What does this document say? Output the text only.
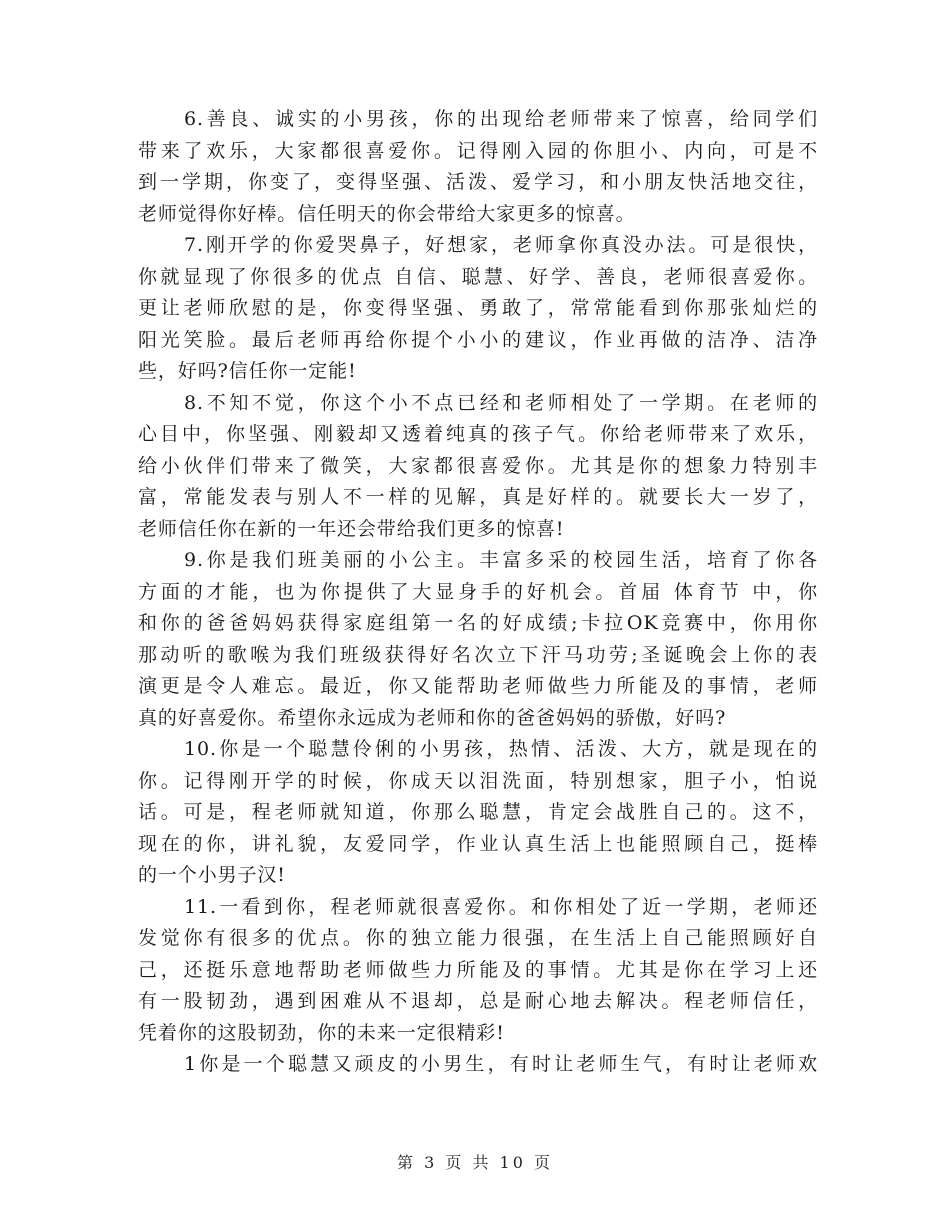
6.善良、诚实的小男孩，你的出现给老师带来了惊喜，给同学们
带来了欢乐，大家都很喜爱你。记得刚入园的你胆小、内向，可是不
到一学期，你变了，变得坚强、活泼、爱学习，和小朋友快活地交往，
老师觉得你好棒。信任明天的你会带给大家更多的惊喜。
7.刚开学的你爱哭鼻子，好想家，老师拿你真没办法。可是很快，
你就显现了你很多的优点 自信、聪慧、好学、善良，老师很喜爱你。
更让老师欣慰的是，你变得坚强、勇敢了，常常能看到你那张灿烂的
阳光笑脸。最后老师再给你提个小小的建议，作业再做的洁净、洁净
些，好吗?信任你一定能!
8.不知不觉，你这个小不点已经和老师相处了一学期。在老师的
心目中，你坚强、刚毅却又透着纯真的孩子气。你给老师带来了欢乐，
给小伙伴们带来了微笑，大家都很喜爱你。尤其是你的想象力特别丰
富，常能发表与别人不一样的见解，真是好样的。就要长大一岁了，
老师信任你在新的一年还会带给我们更多的惊喜!
9.你是我们班美丽的小公主。丰富多采的校园生活，培育了你各
方面的才能，也为你提供了大显身手的好机会。首届 体育节 中，你
和你的爸爸妈妈获得家庭组第一名的好成绩;卡拉OK竞赛中，你用你
那动听的歌喉为我们班级获得好名次立下汗马功劳;圣诞晚会上你的表
演更是令人难忘。最近，你又能帮助老师做些力所能及的事情，老师
真的好喜爱你。希望你永远成为老师和你的爸爸妈妈的骄傲，好吗?
10.你是一个聪慧伶俐的小男孩，热情、活泼、大方，就是现在的
你。记得刚开学的时候，你成天以泪洗面，特别想家，胆子小，怕说
话。可是，程老师就知道，你那么聪慧，肯定会战胜自己的。这不，
现在的你，讲礼貌，友爱同学，作业认真生活上也能照顾自己，挺棒
的一个小男子汉!
11.一看到你，程老师就很喜爱你。和你相处了近一学期，老师还
发觉你有很多的优点。你的独立能力很强，在生活上自己能照顾好自
己，还挺乐意地帮助老师做些力所能及的事情。尤其是你在学习上还
有一股韧劲，遇到困难从不退却，总是耐心地去解决。程老师信任，
凭着你的这股韧劲，你的未来一定很精彩!
1你是一个聪慧又顽皮的小男生，有时让老师生气，有时让老师欢
第 3 页 共 10 页
